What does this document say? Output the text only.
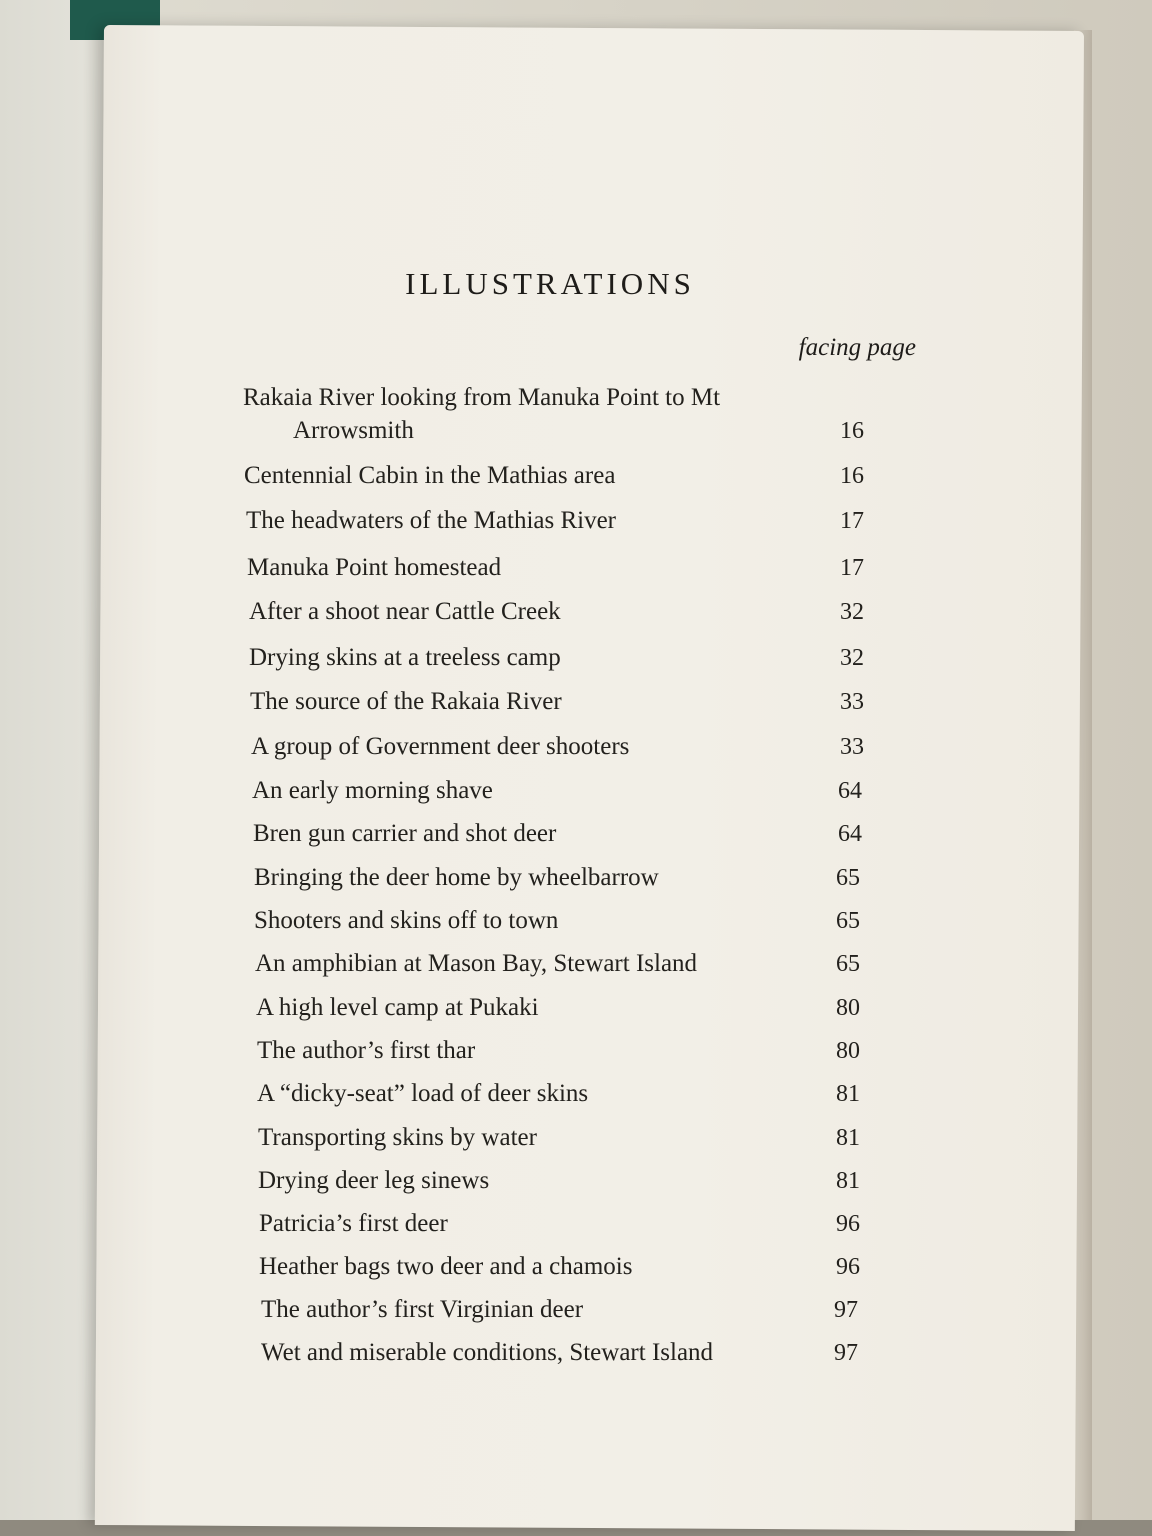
ILLUSTRATIONS
facing page
Rakaia River looking from Manuka Point to Mt
Arrowsmith	16
Centennial Cabin in the Mathias area	16
The headwaters of the Mathias River	17
Manuka Point homestead	17
After a shoot near Cattle Creek	32
Drying skins at a treeless camp	32
The source of the Rakaia River	33
A group of Government deer shooters	33
An early morning shave	64
Bren gun carrier and shot deer	64
Bringing the deer home by wheelbarrow	65
Shooters and skins off to town	65
An amphibian at Mason Bay, Stewart Island	65
A high level camp at Pukaki	80
The author’s first thar	80
A “dicky-seat” load of deer skins	81
Transporting skins by water	81
Drying deer leg sinews	81
Patricia’s first deer	96
Heather bags two deer and a chamois	96
The author’s first Virginian deer	97
Wet and miserable conditions, Stewart Island	97
